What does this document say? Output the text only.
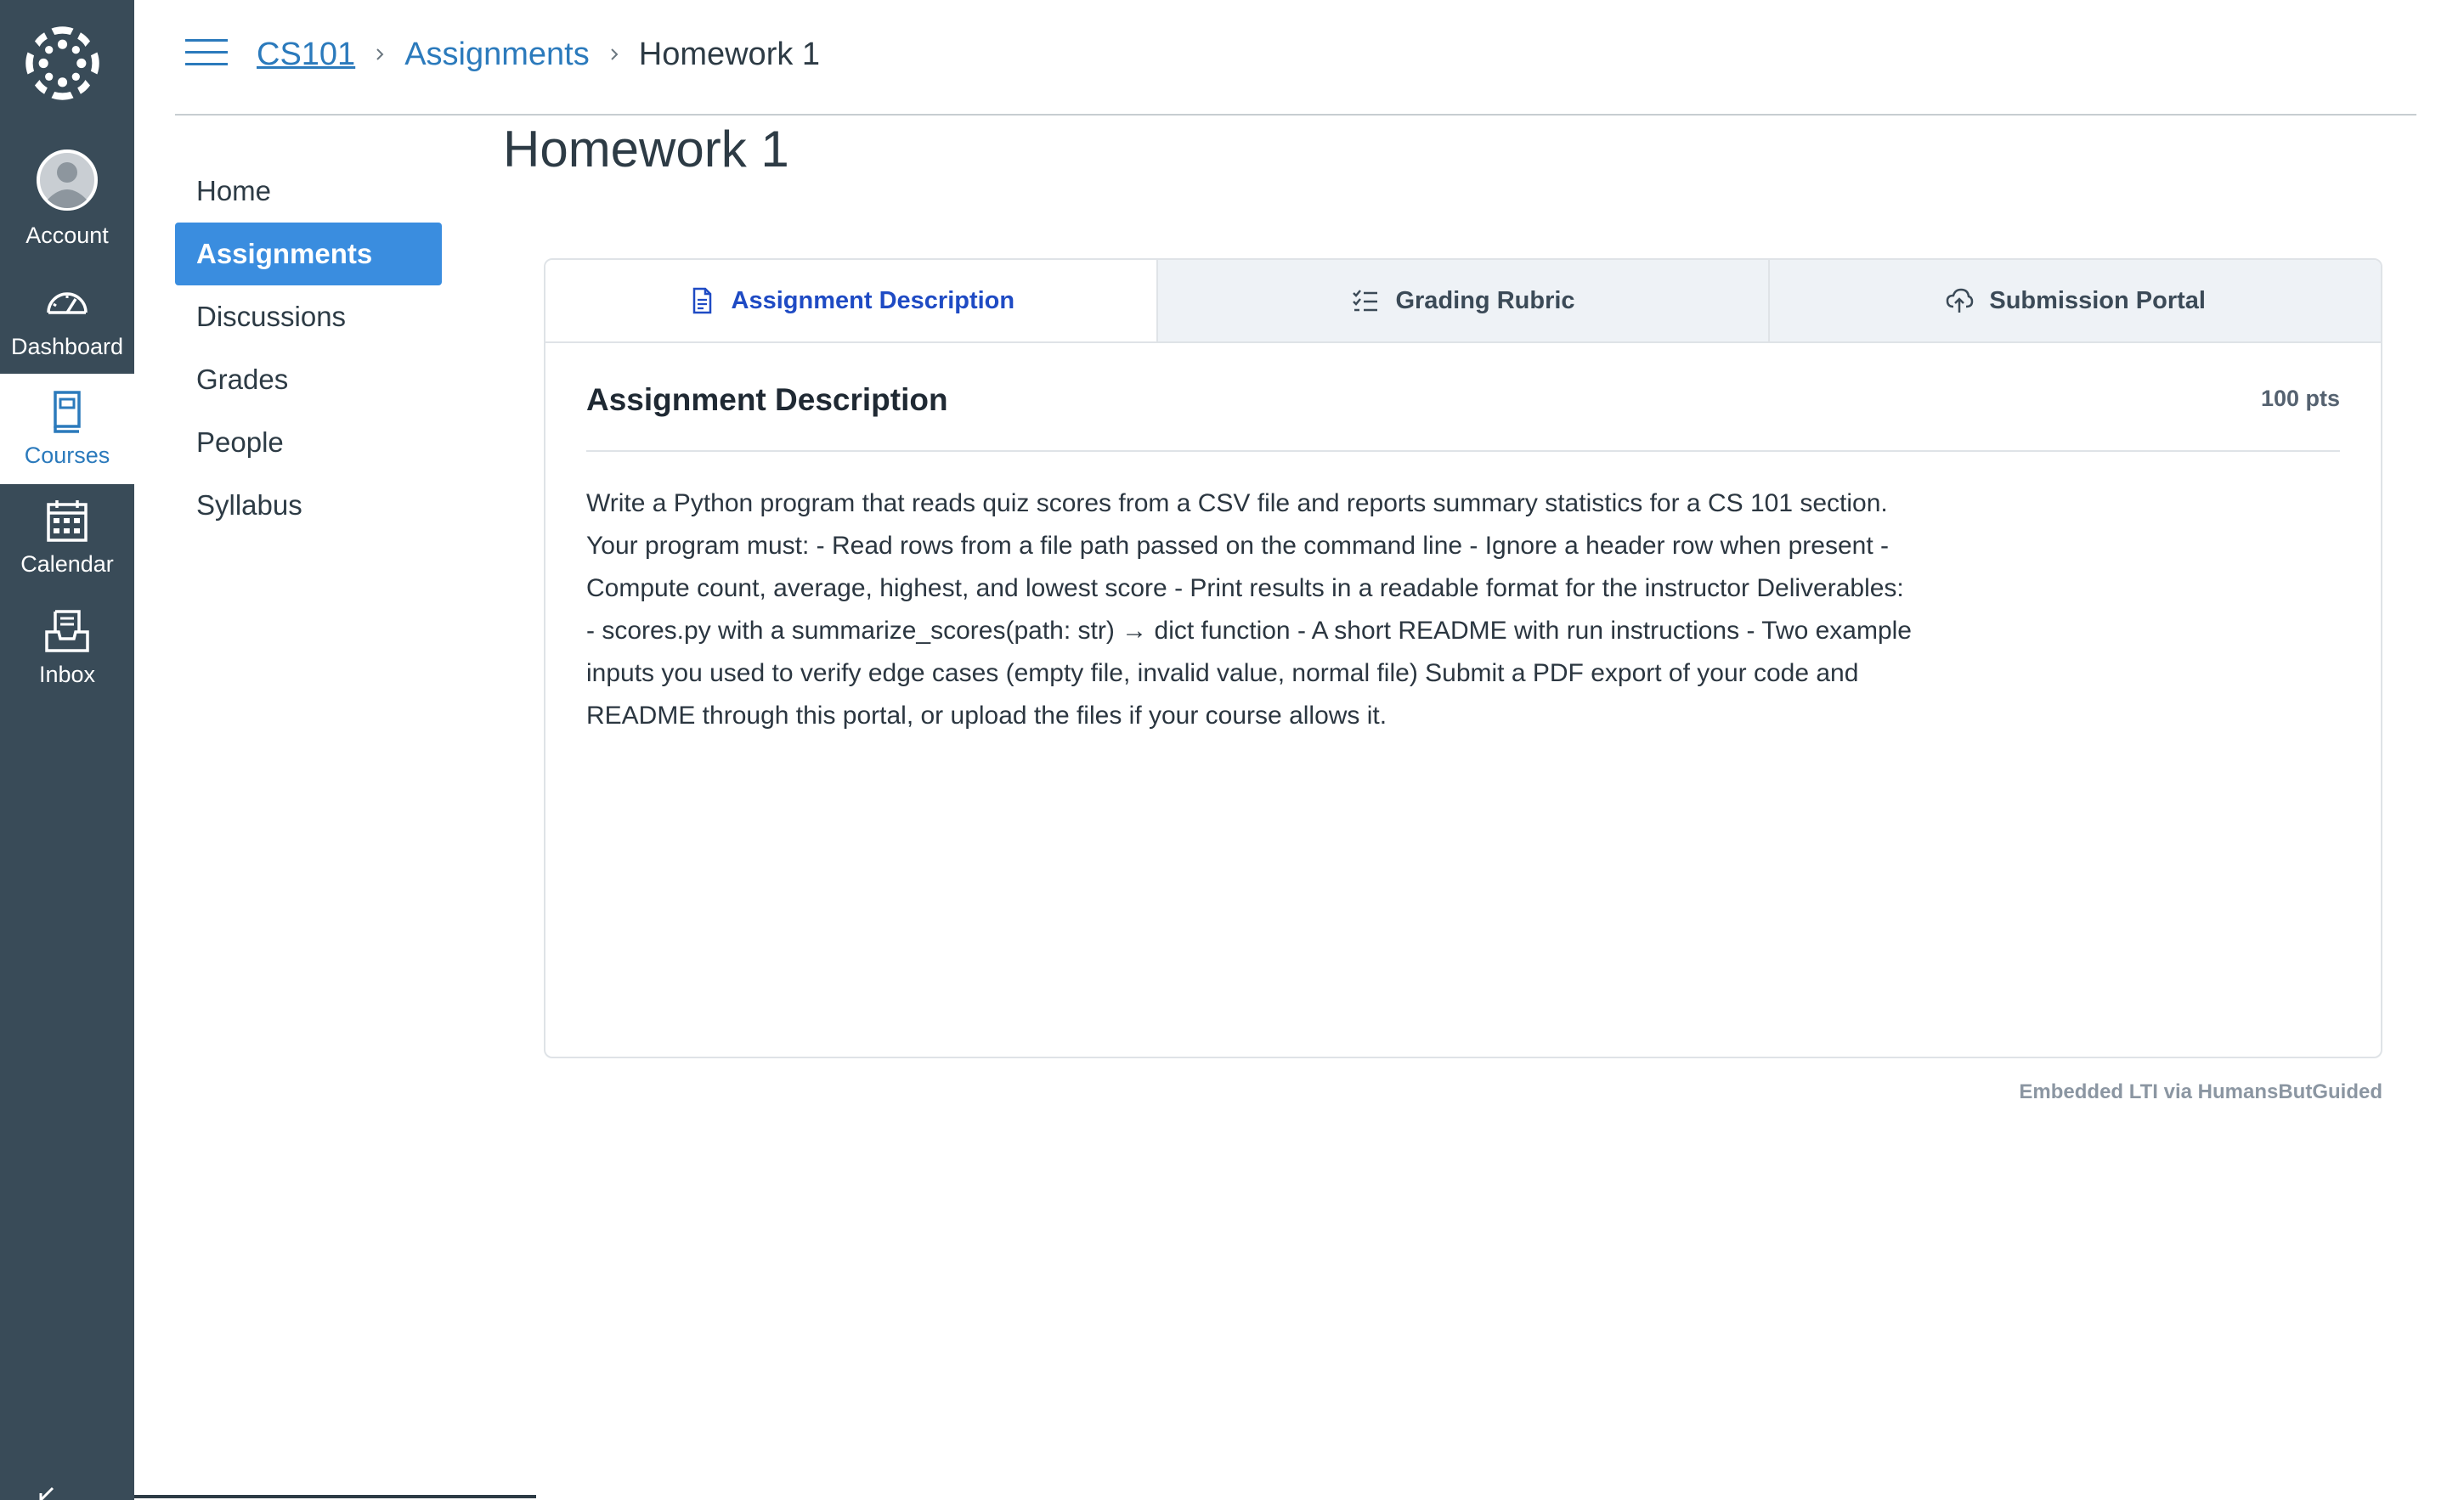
Account
Dashboard
Courses
Calendar
Inbox
CS101 Assignments Homework 1
Home
Assignments
Discussions
Grades
People
Syllabus
Homework 1
Assignment Description	Grading Rubric	Submission Portal
Assignment Description	100 pts

Write a Python program that reads quiz scores from a CSV file and reports summary statistics for a CS 101 section. Your program must: - Read rows from a file path passed on the command line - Ignore a header row when present - Compute count, average, highest, and lowest score - Print results in a readable format for the instructor Deliverables: - scores.py with a summarize_scores(path: str) → dict function - A short README with run instructions - Two example inputs you used to verify edge cases (empty file, invalid value, normal file) Submit a PDF export of your code and README through this portal, or upload the files if your course allows it.

Embedded LTI via HumansButGuided
